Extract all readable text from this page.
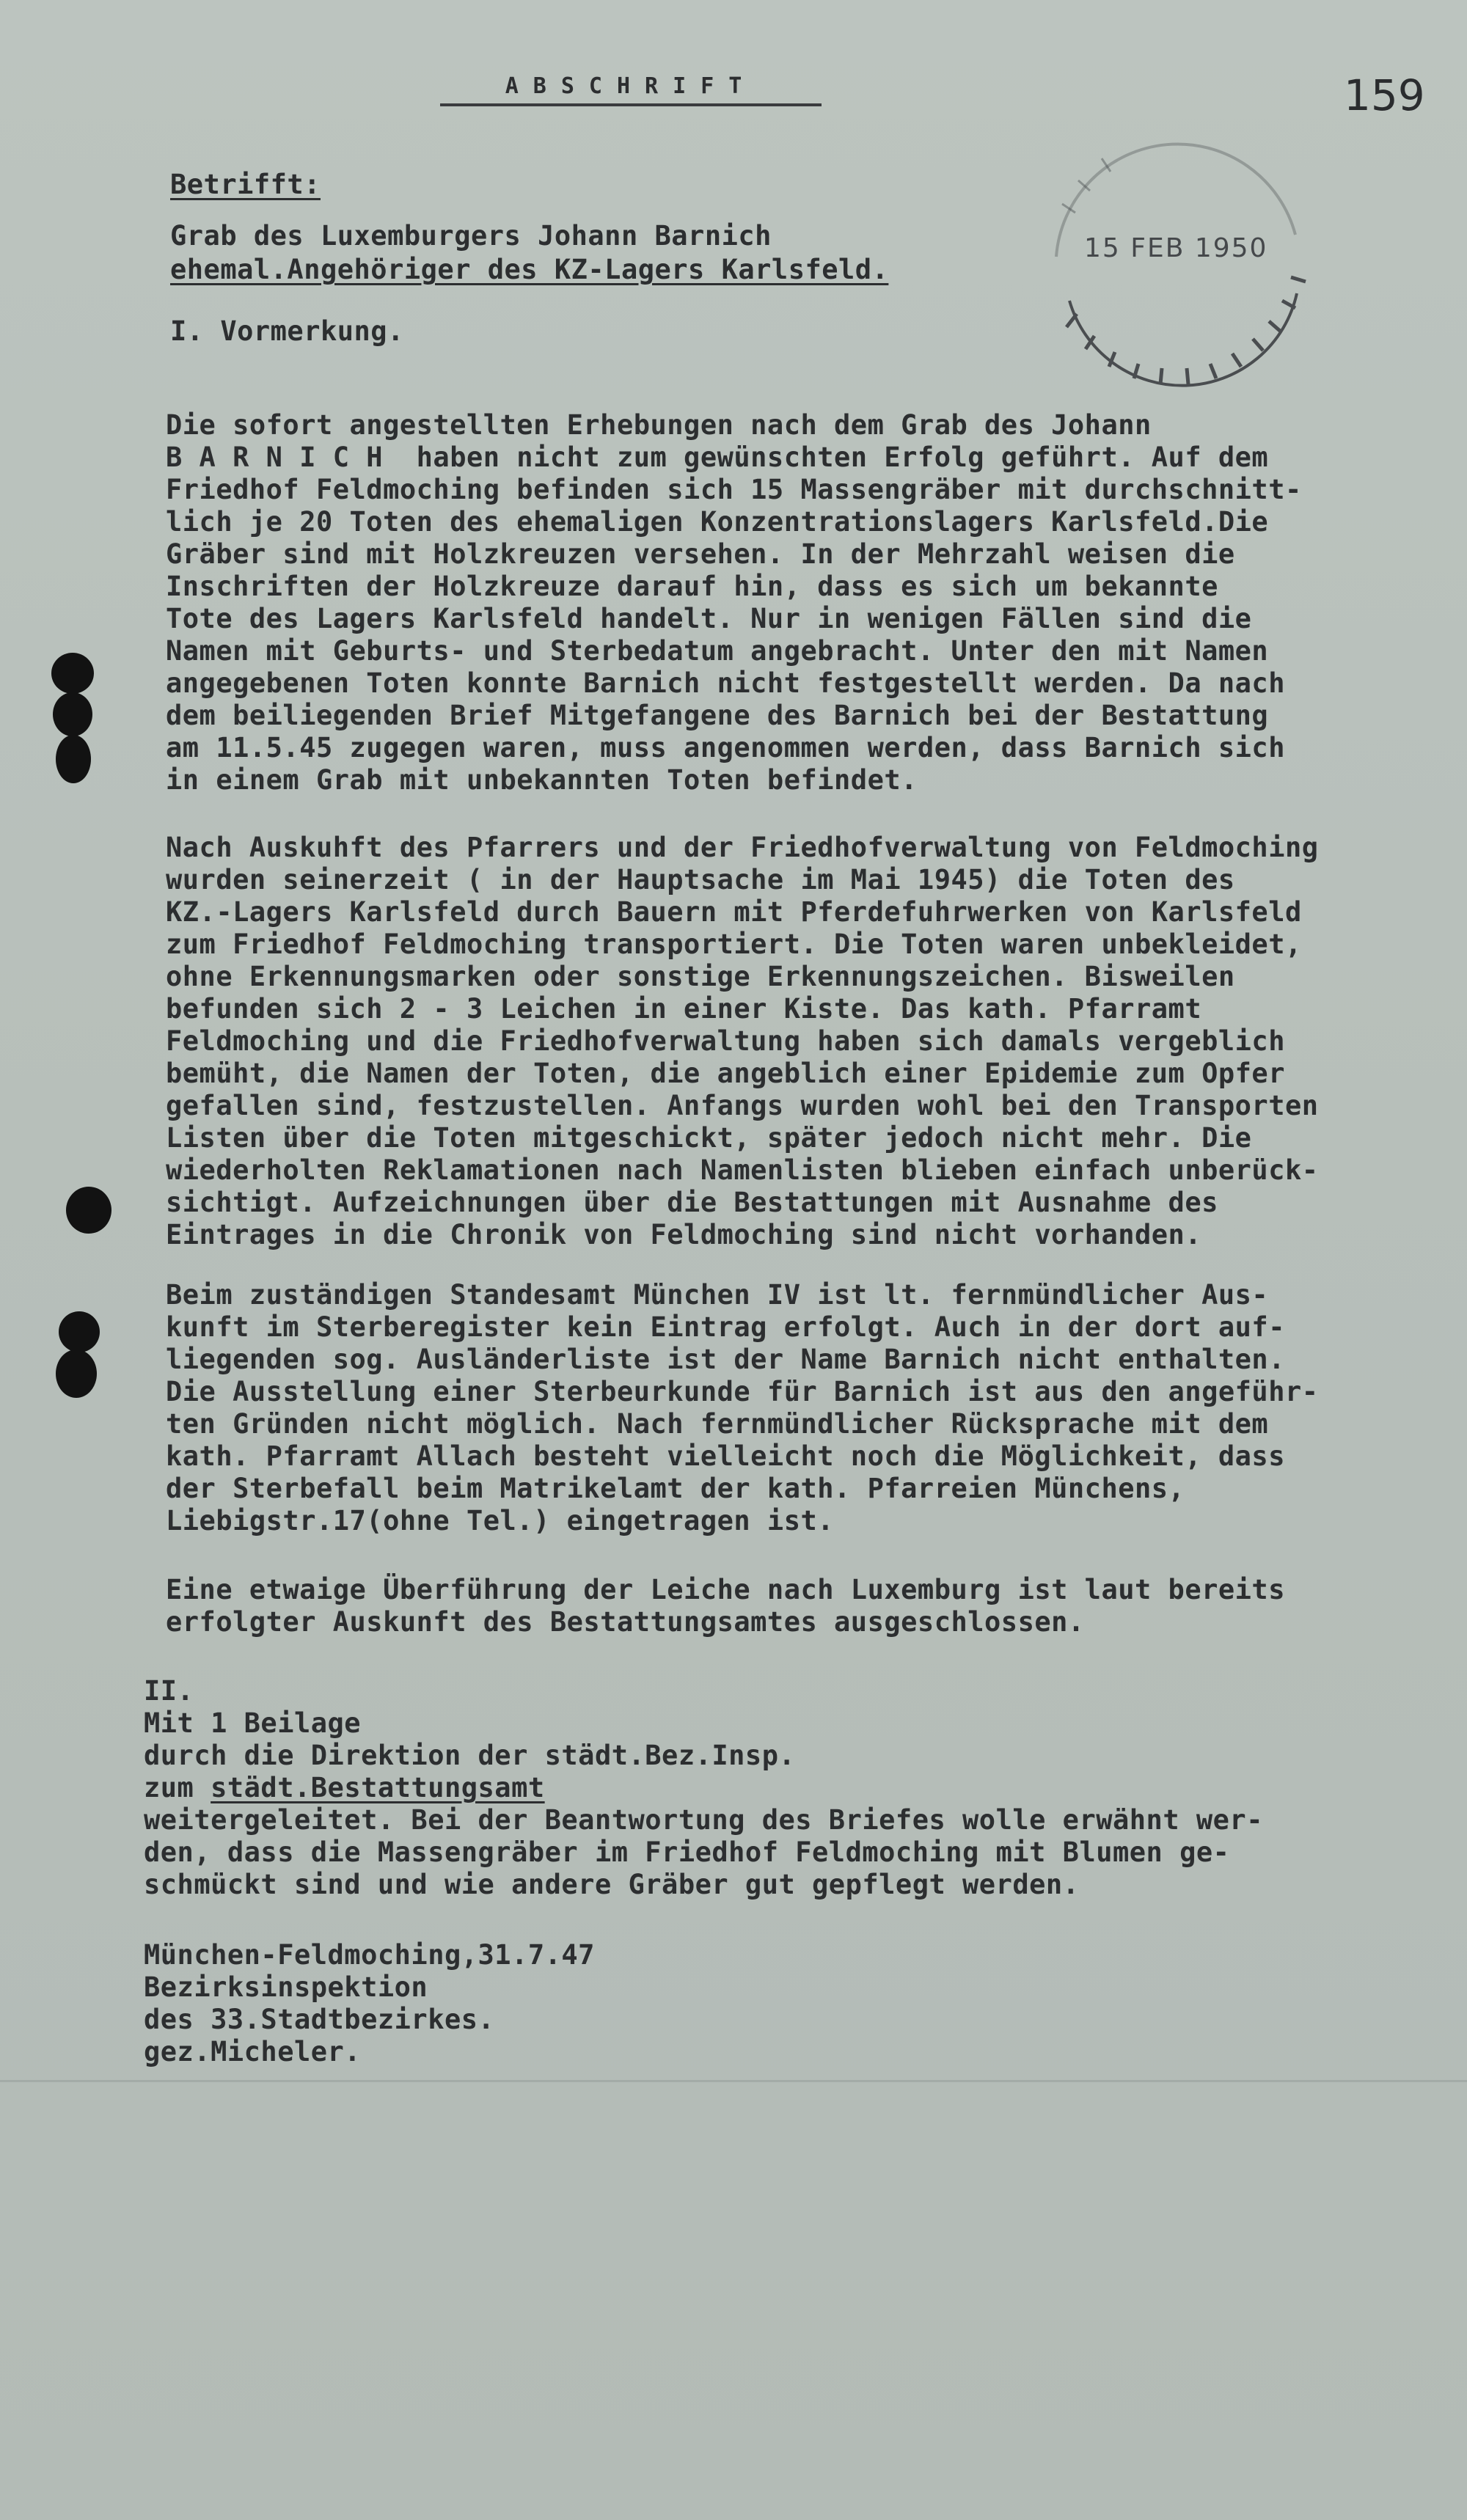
ABSCHRIFT	159
15 FEB 1950
Betrifft:
Grab des Luxemburgers Johann Barnich
ehemal.Angehöriger des KZ-Lagers Karlsfeld.
I. Vormerkung.
Die sofort angestellten Erhebungen nach dem Grab des Johann
B A R N I C H  haben nicht zum gewünschten Erfolg geführt. Auf dem
Friedhof Feldmoching befinden sich 15 Massengräber mit durchschnitt-
lich je 20 Toten des ehemaligen Konzentrationslagers Karlsfeld.Die
Gräber sind mit Holzkreuzen versehen. In der Mehrzahl weisen die
Inschriften der Holzkreuze darauf hin, dass es sich um bekannte
Tote des Lagers Karlsfeld handelt. Nur in wenigen Fällen sind die
Namen mit Geburts- und Sterbedatum angebracht. Unter den mit Namen
angegebenen Toten konnte Barnich nicht festgestellt werden. Da nach
dem beiliegenden Brief Mitgefangene des Barnich bei der Bestattung
am 11.5.45 zugegen waren, muss angenommen werden, dass Barnich sich
in einem Grab mit unbekannten Toten befindet.
Nach Auskuhft des Pfarrers und der Friedhofverwaltung von Feldmoching
wurden seinerzeit ( in der Hauptsache im Mai 1945) die Toten des
KZ.-Lagers Karlsfeld durch Bauern mit Pferdefuhrwerken von Karlsfeld
zum Friedhof Feldmoching transportiert. Die Toten waren unbekleidet,
ohne Erkennungsmarken oder sonstige Erkennungszeichen. Bisweilen
befunden sich 2 - 3 Leichen in einer Kiste. Das kath. Pfarramt
Feldmoching und die Friedhofverwaltung haben sich damals vergeblich
bemüht, die Namen der Toten, die angeblich einer Epidemie zum Opfer
gefallen sind, festzustellen. Anfangs wurden wohl bei den Transporten
Listen über die Toten mitgeschickt, später jedoch nicht mehr. Die
wiederholten Reklamationen nach Namenlisten blieben einfach unberück-
sichtigt. Aufzeichnungen über die Bestattungen mit Ausnahme des
Eintrages in die Chronik von Feldmoching sind nicht vorhanden.
Beim zuständigen Standesamt München IV ist lt. fernmündlicher Aus-
kunft im Sterberegister kein Eintrag erfolgt. Auch in der dort auf-
liegenden sog. Ausländerliste ist der Name Barnich nicht enthalten.
Die Ausstellung einer Sterbeurkunde für Barnich ist aus den angeführ-
ten Gründen nicht möglich. Nach fernmündlicher Rücksprache mit dem
kath. Pfarramt Allach besteht vielleicht noch die Möglichkeit, dass
der Sterbefall beim Matrikelamt der kath. Pfarreien Münchens,
Liebigstr.17(ohne Tel.) eingetragen ist.
Eine etwaige Überführung der Leiche nach Luxemburg ist laut bereits
erfolgter Auskunft des Bestattungsamtes ausgeschlossen.
II.
Mit 1 Beilage
durch die Direktion der städt.Bez.Insp.
zum städt.Bestattungsamt
weitergeleitet. Bei der Beantwortung des Briefes wolle erwähnt wer-
den, dass die Massengräber im Friedhof Feldmoching mit Blumen ge-
schmückt sind und wie andere Gräber gut gepflegt werden.
München-Feldmoching,31.7.47
Bezirksinspektion
des 33.Stadtbezirkes.
gez.Micheler.
